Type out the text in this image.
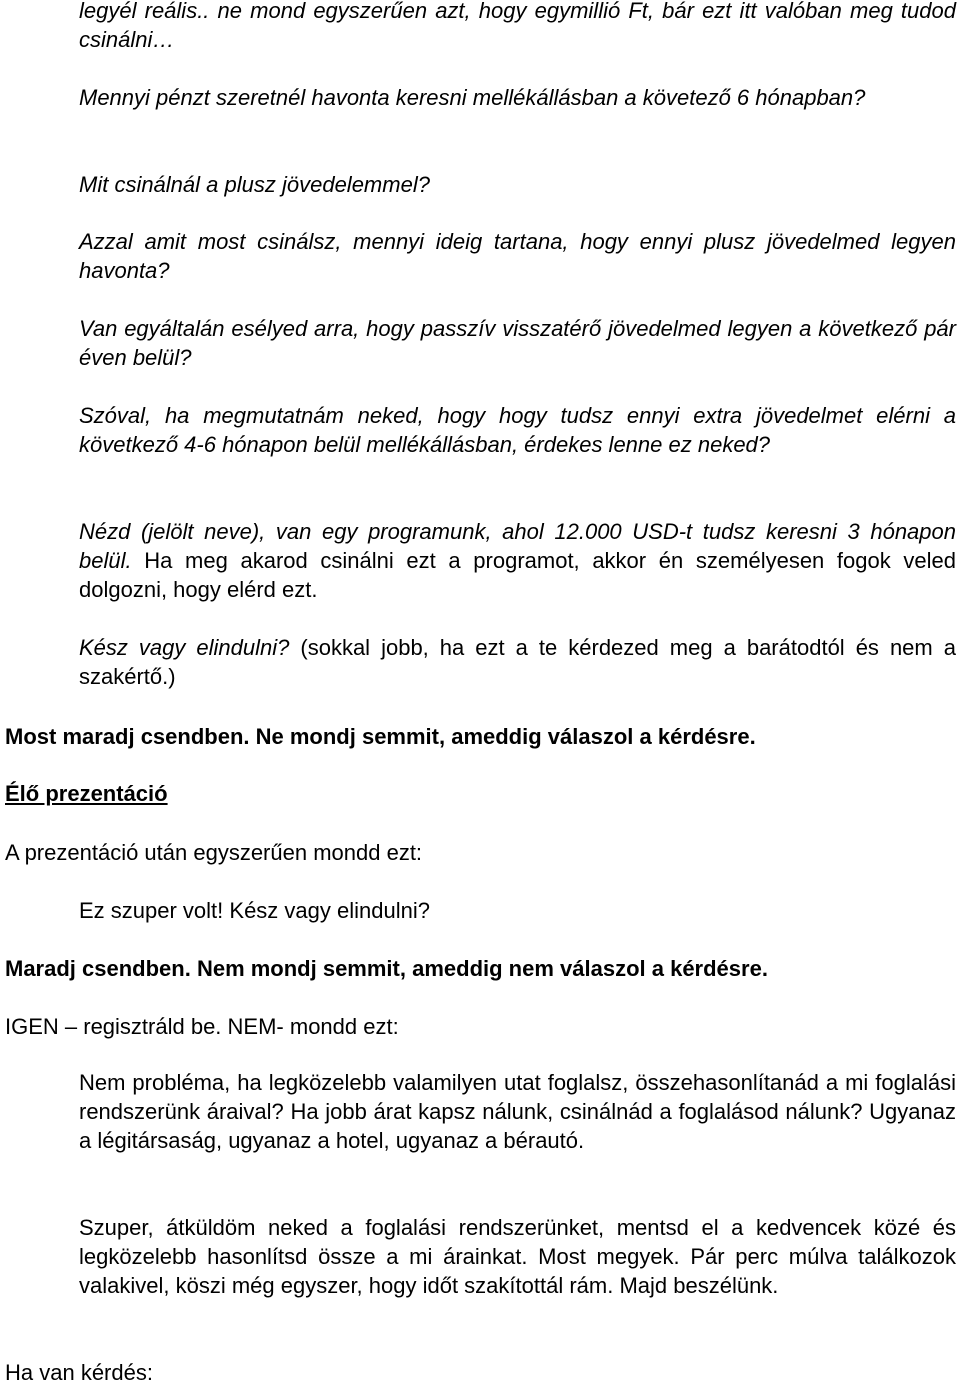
legyél reális.. ne mond egyszerűen azt, hogy egymillió Ft, bár ezt itt valóban meg tudod csinálni…

Mennyi pénzt szeretnél havonta keresni mellékállásban a követező 6 hónapban?

Mit csinálnál a plusz jövedelemmel?

Azzal amit most csinálsz, mennyi ideig tartana, hogy ennyi plusz jövedelmed legyen havonta?

Van egyáltalán esélyed arra, hogy passzív visszatérő jövedelmed legyen a következő pár éven belül?

Szóval, ha megmutatnám neked, hogy hogy tudsz ennyi extra jövedelmet elérni a következő 4-6 hónapon belül mellékállásban, érdekes lenne ez neked?

Nézd (jelölt neve), van egy programunk, ahol 12.000 USD-t tudsz keresni 3 hónapon belül. Ha meg akarod csinálni ezt a programot, akkor én személyesen fogok veled dolgozni, hogy elérd ezt.

Kész vagy elindulni? (sokkal jobb, ha ezt a te kérdezed meg a barátodtól és nem a szakértő.)

Most maradj csendben. Ne mondj semmit, ameddig válaszol a kérdésre.

Élő prezentáció

A prezentáció után egyszerűen mondd ezt:

Ez szuper volt! Kész vagy elindulni?

Maradj csendben. Nem mondj semmit, ameddig nem válaszol a kérdésre.

IGEN – regisztráld be. NEM- mondd ezt:

Nem probléma, ha legközelebb valamilyen utat foglalsz, összehasonlítanád a mi foglalási rendszerünk áraival? Ha jobb árat kapsz nálunk, csinálnád a foglalásod nálunk? Ugyanaz a légitársaság, ugyanaz a hotel, ugyanaz a bérautó.

Szuper, átküldöm neked a foglalási rendszerünket, mentsd el a kedvencek közé és legközelebb hasonlítsd össze a mi árainkat. Most megyek. Pár perc múlva találkozok valakivel, köszi még egyszer, hogy időt szakítottál rám. Majd beszélünk.

Ha van kérdés:
